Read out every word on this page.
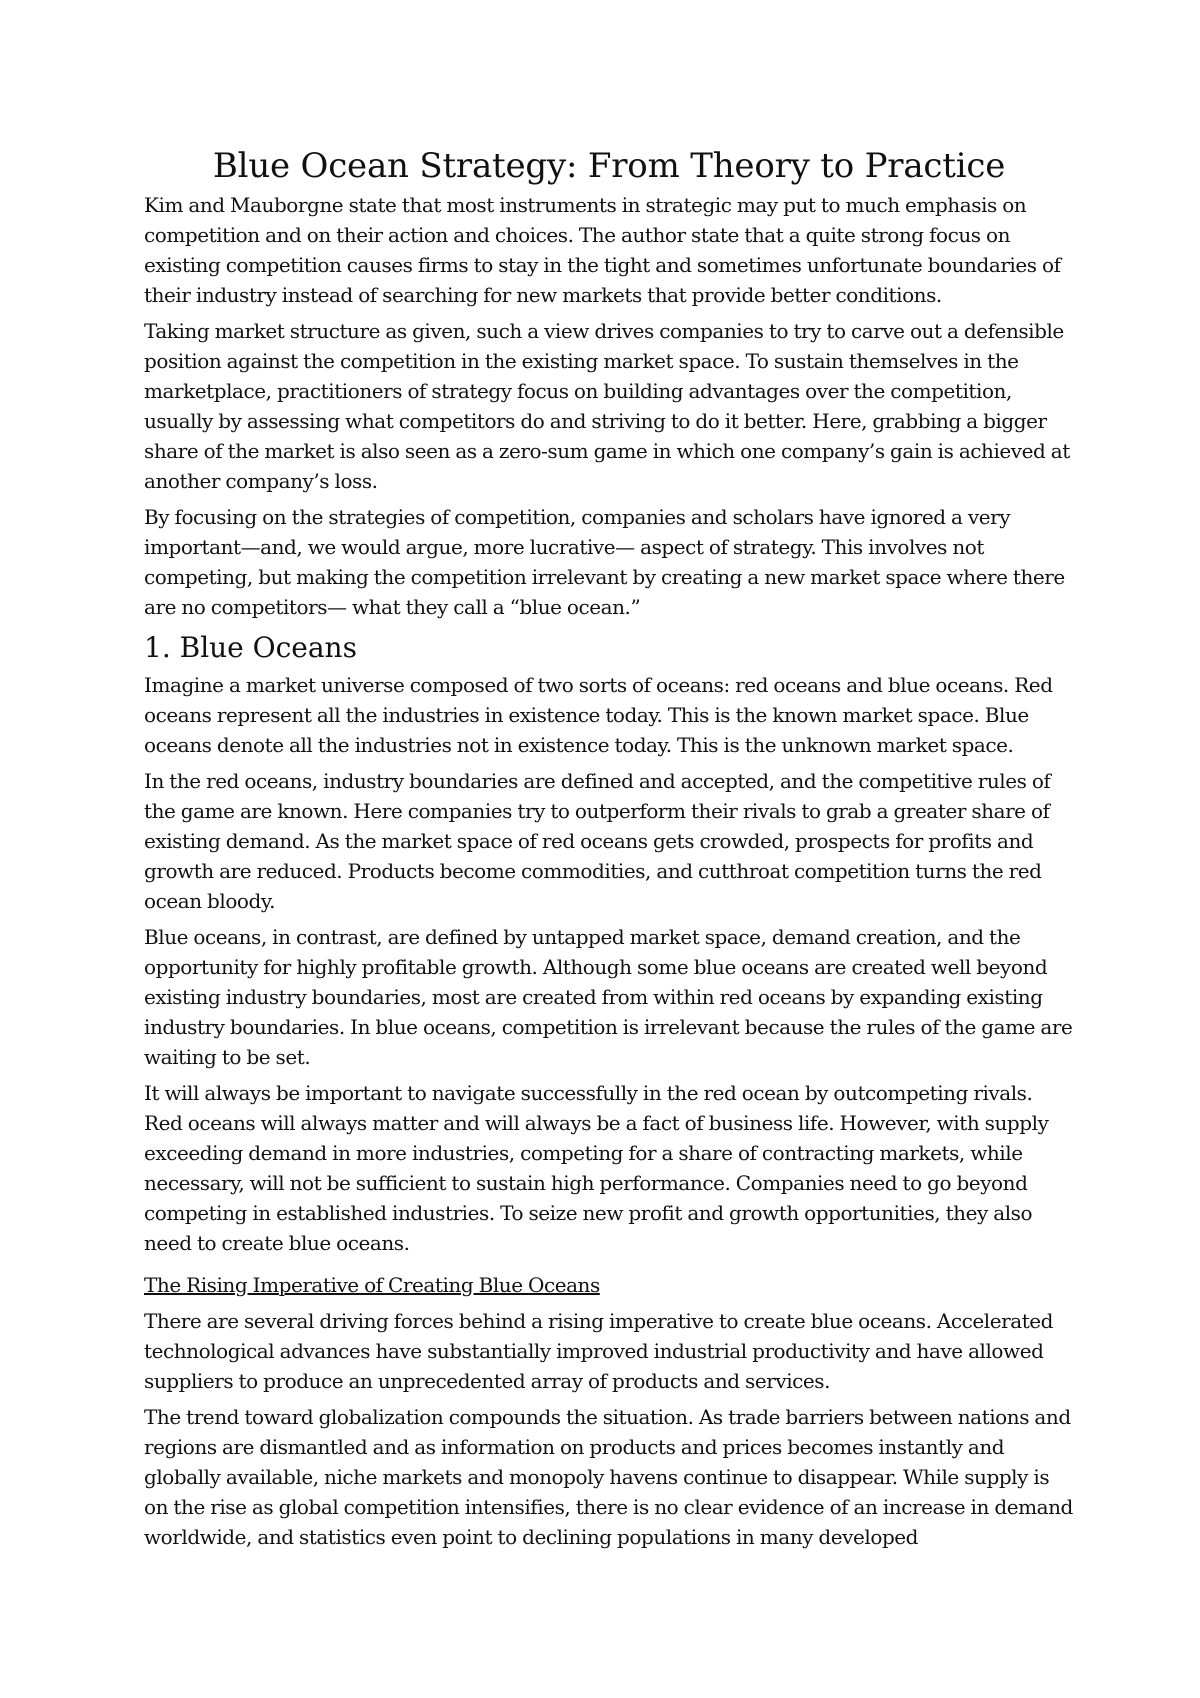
Blue Ocean Strategy: From Theory to Practice

Kim and Mauborgne state that most instruments in strategic may put to much emphasis on competition and on their action and choices. The author state that a quite strong focus on existing competition causes firms to stay in the tight and sometimes unfortunate boundaries of their industry instead of searching for new markets that provide better conditions.

Taking market structure as given, such a view drives companies to try to carve out a defensible position against the competition in the existing market space. To sustain themselves in the marketplace, practitioners of strategy focus on building advantages over the competition, usually by assessing what competitors do and striving to do it better. Here, grabbing a bigger share of the market is also seen as a zero-sum game in which one company’s gain is achieved at another company’s loss.

By focusing on the strategies of competition, companies and scholars have ignored a very important—and, we would argue, more lucrative— aspect of strategy. This involves not competing, but making the competition irrelevant by creating a new market space where there are no competitors— what they call a “blue ocean.”

1. Blue Oceans

Imagine a market universe composed of two sorts of oceans: red oceans and blue oceans. Red oceans represent all the industries in existence today. This is the known market space. Blue oceans denote all the industries not in existence today. This is the unknown market space.

In the red oceans, industry boundaries are defined and accepted, and the competitive rules of the game are known. Here companies try to outperform their rivals to grab a greater share of existing demand. As the market space of red oceans gets crowded, prospects for profits and growth are reduced. Products become commodities, and cutthroat competition turns the red ocean bloody.

Blue oceans, in contrast, are defined by untapped market space, demand creation, and the opportunity for highly profitable growth. Although some blue oceans are created well beyond existing industry boundaries, most are created from within red oceans by expanding existing industry boundaries. In blue oceans, competition is irrelevant because the rules of the game are waiting to be set.

It will always be important to navigate successfully in the red ocean by outcompeting rivals. Red oceans will always matter and will always be a fact of business life. However, with supply exceeding demand in more industries, competing for a share of contracting markets, while necessary, will not be sufficient to sustain high performance. Companies need to go beyond competing in established industries. To seize new profit and growth opportunities, they also need to create blue oceans.

The Rising Imperative of Creating Blue Oceans

There are several driving forces behind a rising imperative to create blue oceans. Accelerated technological advances have substantially improved industrial productivity and have allowed suppliers to produce an unprecedented array of products and services.

The trend toward globalization compounds the situation. As trade barriers between nations and regions are dismantled and as information on products and prices becomes instantly and globally available, niche markets and monopoly havens continue to disappear. While supply is on the rise as global competition intensifies, there is no clear evidence of an increase in demand worldwide, and statistics even point to declining populations in many developed
